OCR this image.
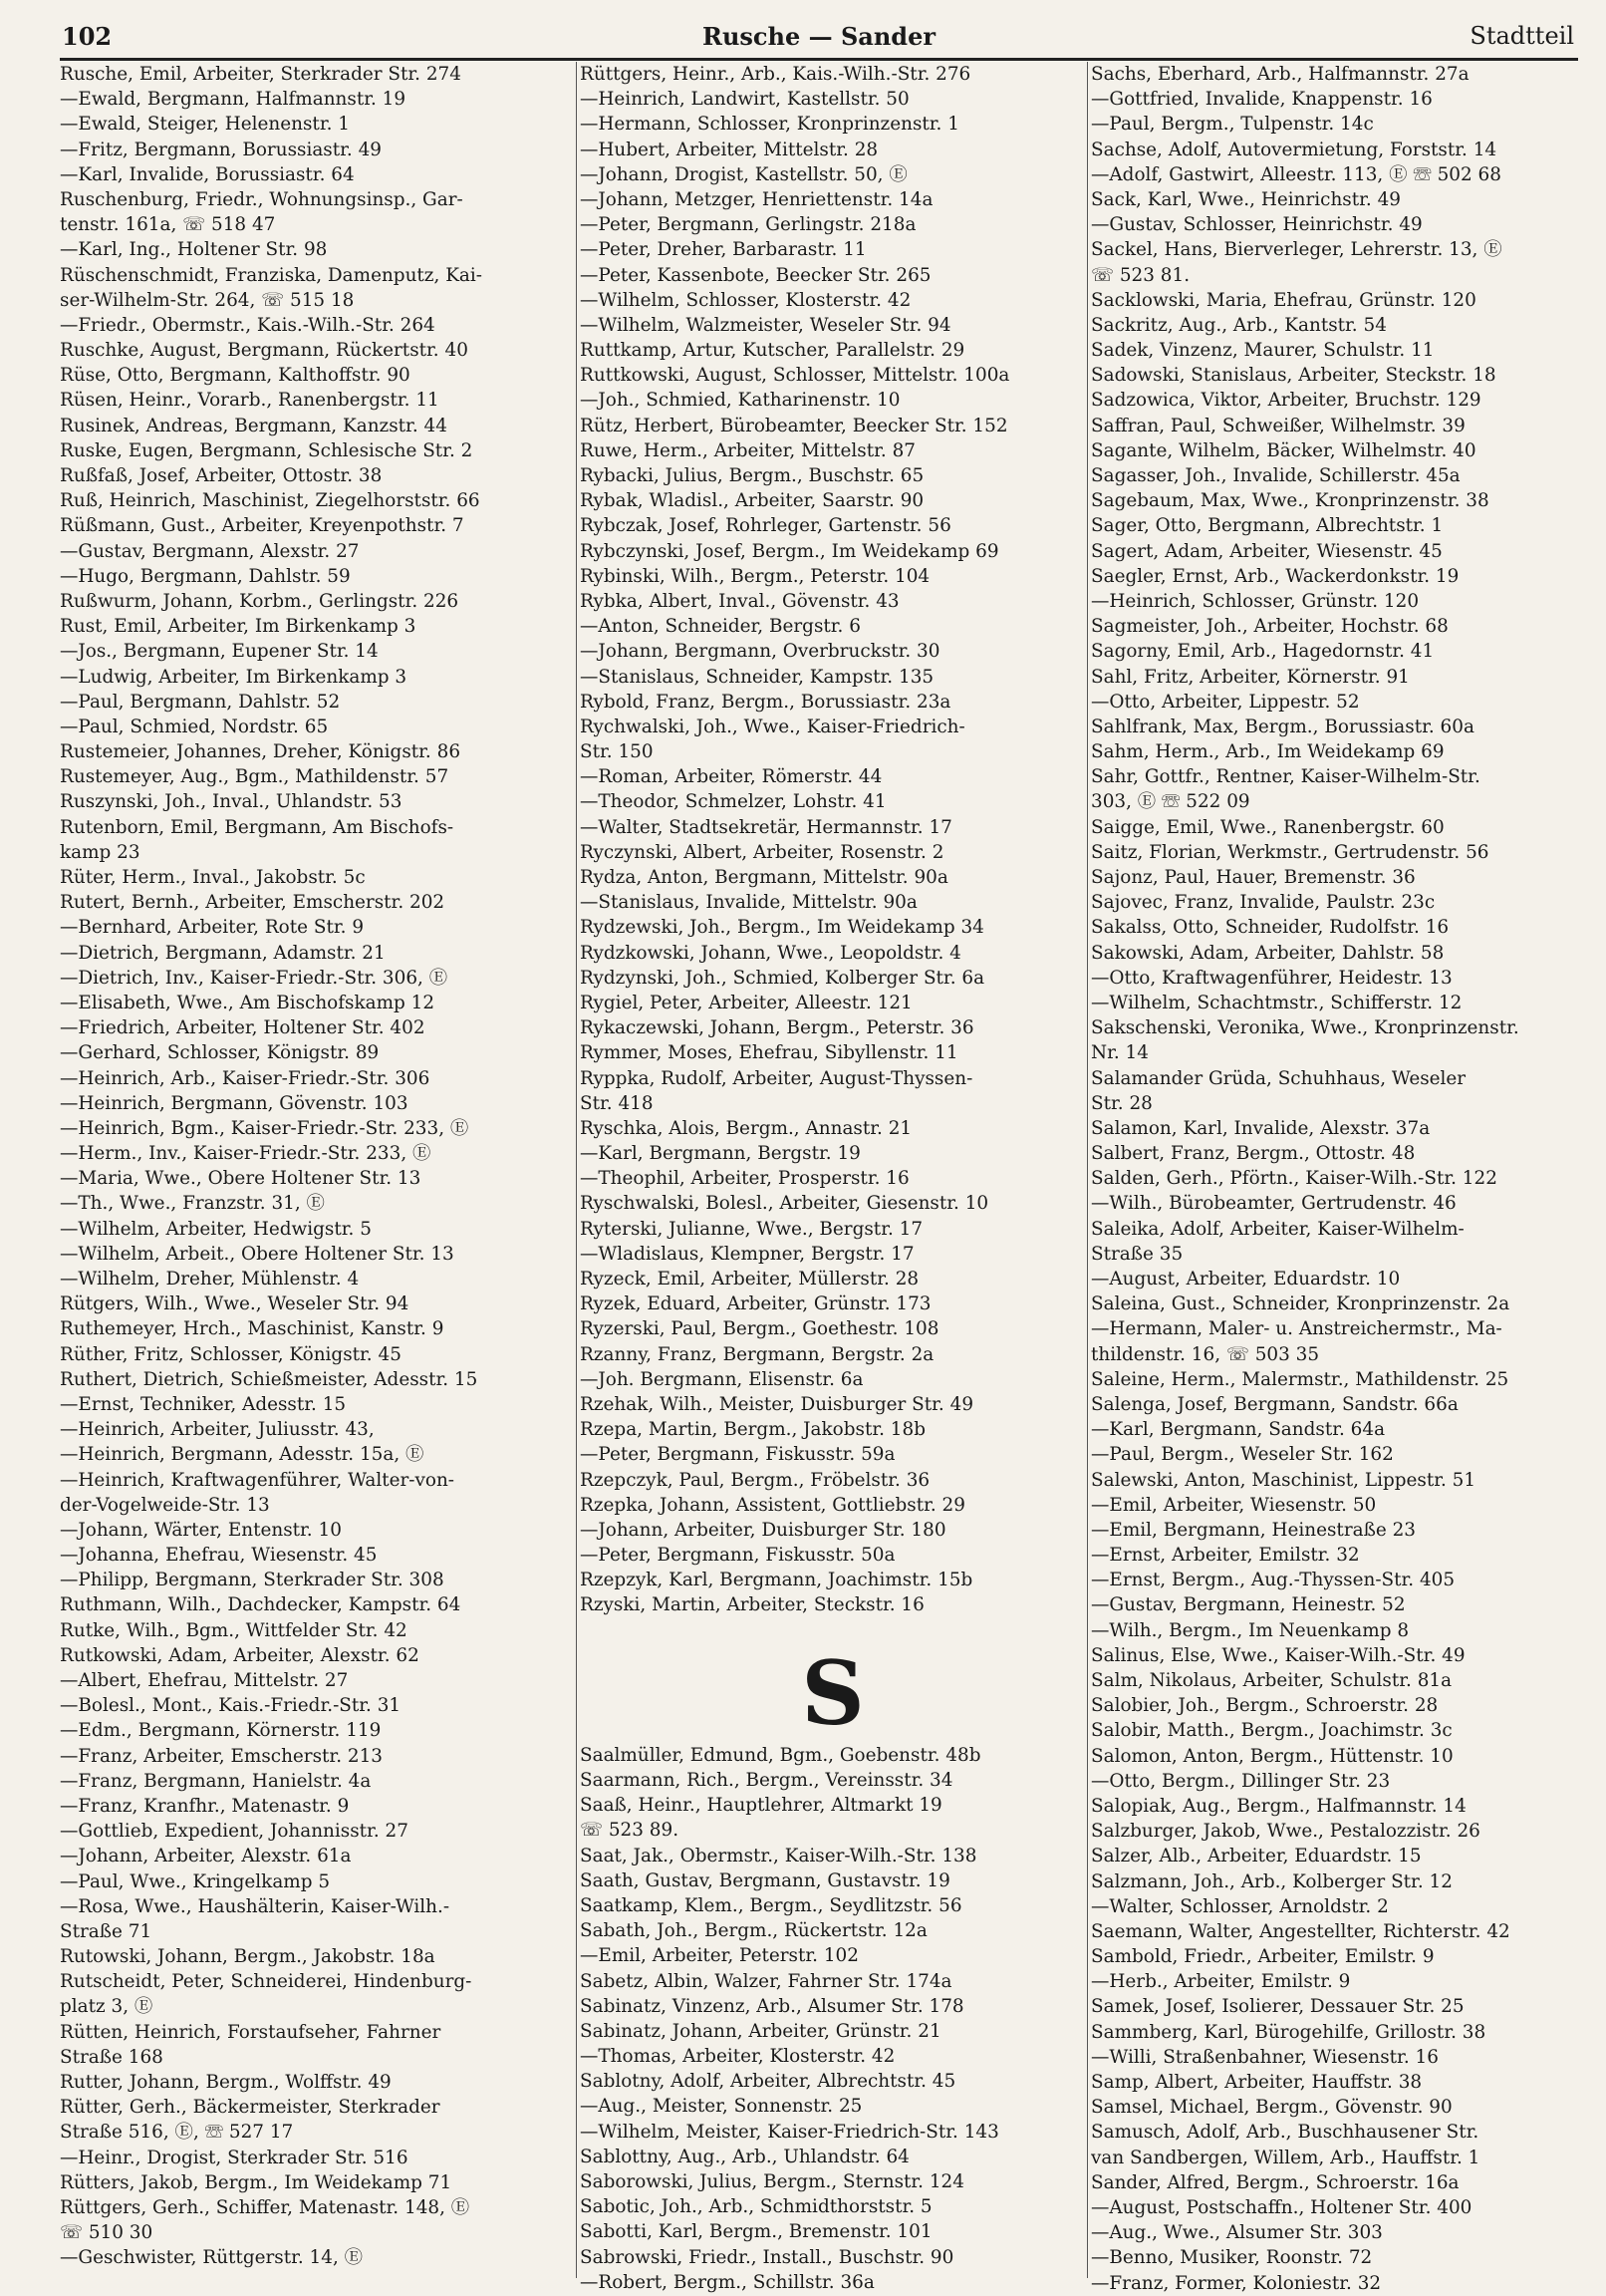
102	Rusche — Sander	Stadtteil
Rusche, Emil, Arbeiter, Sterkrader Str. 274
—Ewald, Bergmann, Halfmannstr. 19
—Ewald, Steiger, Helenenstr. 1
—Fritz, Bergmann, Borussiastr. 49
—Karl, Invalide, Borussiastr. 64
Ruschenburg, Friedr., Wohnungsinsp., Gar-
tenstr. 161a, ☏ 518 47
—Karl, Ing., Holtener Str. 98
Rüschenschmidt, Franziska, Damenputz, Kai-
ser-Wilhelm-Str. 264, ☏ 515 18
—Friedr., Obermstr., Kais.-Wilh.-Str. 264
Ruschke, August, Bergmann, Rückertstr. 40
Rüse, Otto, Bergmann, Kalthoffstr. 90
Rüsen, Heinr., Vorarb., Ranenbergstr. 11
Rusinek, Andreas, Bergmann, Kanzstr. 44
Ruske, Eugen, Bergmann, Schlesische Str. 2
Rußfaß, Josef, Arbeiter, Ottostr. 38
Ruß, Heinrich, Maschinist, Ziegelhorststr. 66
Rüßmann, Gust., Arbeiter, Kreyenpothstr. 7
—Gustav, Bergmann, Alexstr. 27
—Hugo, Bergmann, Dahlstr. 59
Rußwurm, Johann, Korbm., Gerlingstr. 226
Rust, Emil, Arbeiter, Im Birkenkamp 3
—Jos., Bergmann, Eupener Str. 14
—Ludwig, Arbeiter, Im Birkenkamp 3
—Paul, Bergmann, Dahlstr. 52
—Paul, Schmied, Nordstr. 65
Rustemeier, Johannes, Dreher, Königstr. 86
Rustemeyer, Aug., Bgm., Mathildenstr. 57
Ruszynski, Joh., Inval., Uhlandstr. 53
Rutenborn, Emil, Bergmann, Am Bischofs-
kamp 23
Rüter, Herm., Inval., Jakobstr. 5c
Rutert, Bernh., Arbeiter, Emscherstr. 202
—Bernhard, Arbeiter, Rote Str. 9
—Dietrich, Bergmann, Adamstr. 21
—Dietrich, Inv., Kaiser-Friedr.-Str. 306, Ⓔ
—Elisabeth, Wwe., Am Bischofskamp 12
—Friedrich, Arbeiter, Holtener Str. 402
—Gerhard, Schlosser, Königstr. 89
—Heinrich, Arb., Kaiser-Friedr.-Str. 306
—Heinrich, Bergmann, Gövenstr. 103
—Heinrich, Bgm., Kaiser-Friedr.-Str. 233, Ⓔ
—Herm., Inv., Kaiser-Friedr.-Str. 233, Ⓔ
—Maria, Wwe., Obere Holtener Str. 13
—Th., Wwe., Franzstr. 31, Ⓔ
—Wilhelm, Arbeiter, Hedwigstr. 5
—Wilhelm, Arbeit., Obere Holtener Str. 13
—Wilhelm, Dreher, Mühlenstr. 4
Rütgers, Wilh., Wwe., Weseler Str. 94
Ruthemeyer, Hrch., Maschinist, Kanstr. 9
Rüther, Fritz, Schlosser, Königstr. 45
Ruthert, Dietrich, Schießmeister, Adesstr. 15
—Ernst, Techniker, Adesstr. 15
—Heinrich, Arbeiter, Juliusstr. 43,
—Heinrich, Bergmann, Adesstr. 15a, Ⓔ
—Heinrich, Kraftwagenführer, Walter-von-
der-Vogelweide-Str. 13
—Johann, Wärter, Entenstr. 10
—Johanna, Ehefrau, Wiesenstr. 45
—Philipp, Bergmann, Sterkrader Str. 308
Ruthmann, Wilh., Dachdecker, Kampstr. 64
Rutke, Wilh., Bgm., Wittfelder Str. 42
Rutkowski, Adam, Arbeiter, Alexstr. 62
—Albert, Ehefrau, Mittelstr. 27
—Bolesl., Mont., Kais.-Friedr.-Str. 31
—Edm., Bergmann, Körnerstr. 119
—Franz, Arbeiter, Emscherstr. 213
—Franz, Bergmann, Hanielstr. 4a
—Franz, Kranfhr., Matenastr. 9
—Gottlieb, Expedient, Johannisstr. 27
—Johann, Arbeiter, Alexstr. 61a
—Paul, Wwe., Kringelkamp 5
—Rosa, Wwe., Haushälterin, Kaiser-Wilh.-
Straße 71
Rutowski, Johann, Bergm., Jakobstr. 18a
Rutscheidt, Peter, Schneiderei, Hindenburg-
platz 3, Ⓔ
Rütten, Heinrich, Forstaufseher, Fahrner
Straße 168
Rutter, Johann, Bergm., Wolffstr. 49
Rütter, Gerh., Bäckermeister, Sterkrader
Straße 516, Ⓔ, ☏ 527 17
—Heinr., Drogist, Sterkrader Str. 516
Rütters, Jakob, Bergm., Im Weidekamp 71
Rüttgers, Gerh., Schiffer, Matenastr. 148, Ⓔ
☏ 510 30
—Geschwister, Rüttgerstr. 14, Ⓔ
Rüttgers, Heinr., Arb., Kais.-Wilh.-Str. 276
—Heinrich, Landwirt, Kastellstr. 50
—Hermann, Schlosser, Kronprinzenstr. 1
—Hubert, Arbeiter, Mittelstr. 28
—Johann, Drogist, Kastellstr. 50, Ⓔ
—Johann, Metzger, Henriettenstr. 14a
—Peter, Bergmann, Gerlingstr. 218a
—Peter, Dreher, Barbarastr. 11
—Peter, Kassenbote, Beecker Str. 265
—Wilhelm, Schlosser, Klosterstr. 42
—Wilhelm, Walzmeister, Weseler Str. 94
Ruttkamp, Artur, Kutscher, Parallelstr. 29
Ruttkowski, August, Schlosser, Mittelstr. 100a
—Joh., Schmied, Katharinenstr. 10
Rütz, Herbert, Bürobeamter, Beecker Str. 152
Ruwe, Herm., Arbeiter, Mittelstr. 87
Rybacki, Julius, Bergm., Buschstr. 65
Rybak, Wladisl., Arbeiter, Saarstr. 90
Rybczak, Josef, Rohrleger, Gartenstr. 56
Rybczynski, Josef, Bergm., Im Weidekamp 69
Rybinski, Wilh., Bergm., Peterstr. 104
Rybka, Albert, Inval., Gövenstr. 43
—Anton, Schneider, Bergstr. 6
—Johann, Bergmann, Overbruckstr. 30
—Stanislaus, Schneider, Kampstr. 135
Rybold, Franz, Bergm., Borussiastr. 23a
Rychwalski, Joh., Wwe., Kaiser-Friedrich-
Str. 150
—Roman, Arbeiter, Römerstr. 44
—Theodor, Schmelzer, Lohstr. 41
—Walter, Stadtsekretär, Hermannstr. 17
Ryczynski, Albert, Arbeiter, Rosenstr. 2
Rydza, Anton, Bergmann, Mittelstr. 90a
—Stanislaus, Invalide, Mittelstr. 90a
Rydzewski, Joh., Bergm., Im Weidekamp 34
Rydzkowski, Johann, Wwe., Leopoldstr. 4
Rydzynski, Joh., Schmied, Kolberger Str. 6a
Rygiel, Peter, Arbeiter, Alleestr. 121
Rykaczewski, Johann, Bergm., Peterstr. 36
Rymmer, Moses, Ehefrau, Sibyllenstr. 11
Ryppka, Rudolf, Arbeiter, August-Thyssen-
Str. 418
Ryschka, Alois, Bergm., Annastr. 21
—Karl, Bergmann, Bergstr. 19
—Theophil, Arbeiter, Prosperstr. 16
Ryschwalski, Bolesl., Arbeiter, Giesenstr. 10
Ryterski, Julianne, Wwe., Bergstr. 17
—Wladislaus, Klempner, Bergstr. 17
Ryzeck, Emil, Arbeiter, Müllerstr. 28
Ryzek, Eduard, Arbeiter, Grünstr. 173
Ryzerski, Paul, Bergm., Goethestr. 108
Rzanny, Franz, Bergmann, Bergstr. 2a
—Joh. Bergmann, Elisenstr. 6a
Rzehak, Wilh., Meister, Duisburger Str. 49
Rzepa, Martin, Bergm., Jakobstr. 18b
—Peter, Bergmann, Fiskusstr. 59a
Rzepczyk, Paul, Bergm., Fröbelstr. 36
Rzepka, Johann, Assistent, Gottliebstr. 29
—Johann, Arbeiter, Duisburger Str. 180
—Peter, Bergmann, Fiskusstr. 50a
Rzepzyk, Karl, Bergmann, Joachimstr. 15b
Rzyski, Martin, Arbeiter, Steckstr. 16
S
Saalmüller, Edmund, Bgm., Goebenstr. 48b
Saarmann, Rich., Bergm., Vereinsstr. 34
Saaß, Heinr., Hauptlehrer, Altmarkt 19
☏ 523 89.
Saat, Jak., Obermstr., Kaiser-Wilh.-Str. 138
Saath, Gustav, Bergmann, Gustavstr. 19
Saatkamp, Klem., Bergm., Seydlitzstr. 56
Sabath, Joh., Bergm., Rückertstr. 12a
—Emil, Arbeiter, Peterstr. 102
Sabetz, Albin, Walzer, Fahrner Str. 174a
Sabinatz, Vinzenz, Arb., Alsumer Str. 178
Sabinatz, Johann, Arbeiter, Grünstr. 21
—Thomas, Arbeiter, Klosterstr. 42
Sablotny, Adolf, Arbeiter, Albrechtstr. 45
—Aug., Meister, Sonnenstr. 25
—Wilhelm, Meister, Kaiser-Friedrich-Str. 143
Sablottny, Aug., Arb., Uhlandstr. 64
Saborowski, Julius, Bergm., Sternstr. 124
Sabotic, Joh., Arb., Schmidthorststr. 5
Sabotti, Karl, Bergm., Bremenstr. 101
Sabrowski, Friedr., Install., Buschstr. 90
—Robert, Bergm., Schillstr. 36a
Sachs, Eberhard, Arb., Halfmannstr. 27a
—Gottfried, Invalide, Knappenstr. 16
—Paul, Bergm., Tulpenstr. 14c
Sachse, Adolf, Autovermietung, Forststr. 14
—Adolf, Gastwirt, Alleestr. 113, Ⓔ ☏ 502 68
Sack, Karl, Wwe., Heinrichstr. 49
—Gustav, Schlosser, Heinrichstr. 49
Sackel, Hans, Bierverleger, Lehrerstr. 13, Ⓔ
☏ 523 81.
Sacklowski, Maria, Ehefrau, Grünstr. 120
Sackritz, Aug., Arb., Kantstr. 54
Sadek, Vinzenz, Maurer, Schulstr. 11
Sadowski, Stanislaus, Arbeiter, Steckstr. 18
Sadzowica, Viktor, Arbeiter, Bruchstr. 129
Saffran, Paul, Schweißer, Wilhelmstr. 39
Sagante, Wilhelm, Bäcker, Wilhelmstr. 40
Sagasser, Joh., Invalide, Schillerstr. 45a
Sagebaum, Max, Wwe., Kronprinzenstr. 38
Sager, Otto, Bergmann, Albrechtstr. 1
Sagert, Adam, Arbeiter, Wiesenstr. 45
Saegler, Ernst, Arb., Wackerdonkstr. 19
—Heinrich, Schlosser, Grünstr. 120
Sagmeister, Joh., Arbeiter, Hochstr. 68
Sagorny, Emil, Arb., Hagedornstr. 41
Sahl, Fritz, Arbeiter, Körnerstr. 91
—Otto, Arbeiter, Lippestr. 52
Sahlfrank, Max, Bergm., Borussiastr. 60a
Sahm, Herm., Arb., Im Weidekamp 69
Sahr, Gottfr., Rentner, Kaiser-Wilhelm-Str.
303, Ⓔ ☏ 522 09
Saigge, Emil, Wwe., Ranenbergstr. 60
Saitz, Florian, Werkmstr., Gertrudenstr. 56
Sajonz, Paul, Hauer, Bremenstr. 36
Sajovec, Franz, Invalide, Paulstr. 23c
Sakalss, Otto, Schneider, Rudolfstr. 16
Sakowski, Adam, Arbeiter, Dahlstr. 58
—Otto, Kraftwagenführer, Heidestr. 13
—Wilhelm, Schachtmstr., Schifferstr. 12
Sakschenski, Veronika, Wwe., Kronprinzenstr.
Nr. 14
Salamander Grüda, Schuhhaus, Weseler
Str. 28
Salamon, Karl, Invalide, Alexstr. 37a
Salbert, Franz, Bergm., Ottostr. 48
Salden, Gerh., Pförtn., Kaiser-Wilh.-Str. 122
—Wilh., Bürobeamter, Gertrudenstr. 46
Saleika, Adolf, Arbeiter, Kaiser-Wilhelm-
Straße 35
—August, Arbeiter, Eduardstr. 10
Saleina, Gust., Schneider, Kronprinzenstr. 2a
—Hermann, Maler- u. Anstreichermstr., Ma-
thildenstr. 16, ☏ 503 35
Saleine, Herm., Malermstr., Mathildenstr. 25
Salenga, Josef, Bergmann, Sandstr. 66a
—Karl, Bergmann, Sandstr. 64a
—Paul, Bergm., Weseler Str. 162
Salewski, Anton, Maschinist, Lippestr. 51
—Emil, Arbeiter, Wiesenstr. 50
—Emil, Bergmann, Heinestraße 23
—Ernst, Arbeiter, Emilstr. 32
—Ernst, Bergm., Aug.-Thyssen-Str. 405
—Gustav, Bergmann, Heinestr. 52
—Wilh., Bergm., Im Neuenkamp 8
Salinus, Else, Wwe., Kaiser-Wilh.-Str. 49
Salm, Nikolaus, Arbeiter, Schulstr. 81a
Salobier, Joh., Bergm., Schroerstr. 28
Salobir, Matth., Bergm., Joachimstr. 3c
Salomon, Anton, Bergm., Hüttenstr. 10
—Otto, Bergm., Dillinger Str. 23
Salopiak, Aug., Bergm., Halfmannstr. 14
Salzburger, Jakob, Wwe., Pestalozzistr. 26
Salzer, Alb., Arbeiter, Eduardstr. 15
Salzmann, Joh., Arb., Kolberger Str. 12
—Walter, Schlosser, Arnoldstr. 2
Saemann, Walter, Angestellter, Richterstr. 42
Sambold, Friedr., Arbeiter, Emilstr. 9
—Herb., Arbeiter, Emilstr. 9
Samek, Josef, Isolierer, Dessauer Str. 25
Sammberg, Karl, Bürogehilfe, Grillostr. 38
—Willi, Straßenbahner, Wiesenstr. 16
Samp, Albert, Arbeiter, Hauffstr. 38
Samsel, Michael, Bergm., Gövenstr. 90
Samusch, Adolf, Arb., Buschhausener Str.
van Sandbergen, Willem, Arb., Hauffstr. 1
Sander, Alfred, Bergm., Schroerstr. 16a
—August, Postschaffn., Holtener Str. 400
—Aug., Wwe., Alsumer Str. 303
—Benno, Musiker, Roonstr. 72
—Franz, Former, Koloniestr. 32
